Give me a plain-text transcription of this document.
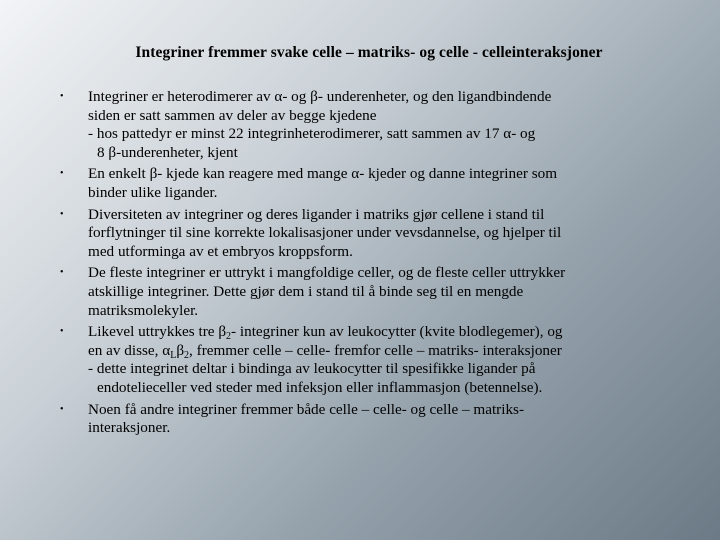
Integriner fremmer svake celle – matriks- og celle - celleinteraksjoner
• Integriner er heterodimerer av α- og β- underenheter, og den ligandbindende
siden er satt sammen av deler av begge kjedene
- hos pattedyr er minst 22 integrinheterodimerer, satt sammen av 17 α- og
8 β-underenheter, kjent
• En enkelt β- kjede kan reagere med mange α- kjeder og danne integriner som
binder ulike ligander.
• Diversiteten av integriner og deres ligander i matriks gjør cellene i stand til
forflytninger til sine korrekte lokalisasjoner under vevsdannelse, og hjelper til
med utforminga av et embryos kroppsform.
• De fleste integriner er uttrykt i mangfoldige celler, og de fleste celler uttrykker
atskillige integriner. Dette gjør dem i stand til å binde seg til en mengde
matriksmolekyler.
• Likevel uttrykkes tre $\beta_2-$ integriner kun av leukocytter (kvite blodlegemer), og
en av disse, $\alpha_L\beta_2$, fremmer celle – celle- fremfor celle – matriks- interaksjoner
- dette integrinet deltar i bindinga av leukocytter til spesifikke ligander på
endotelieceller ved steder med infeksjon eller inflammasjon (betennelse).
• Noen få andre integriner fremmer både celle – celle- og celle – matriks-
interaksjoner.
